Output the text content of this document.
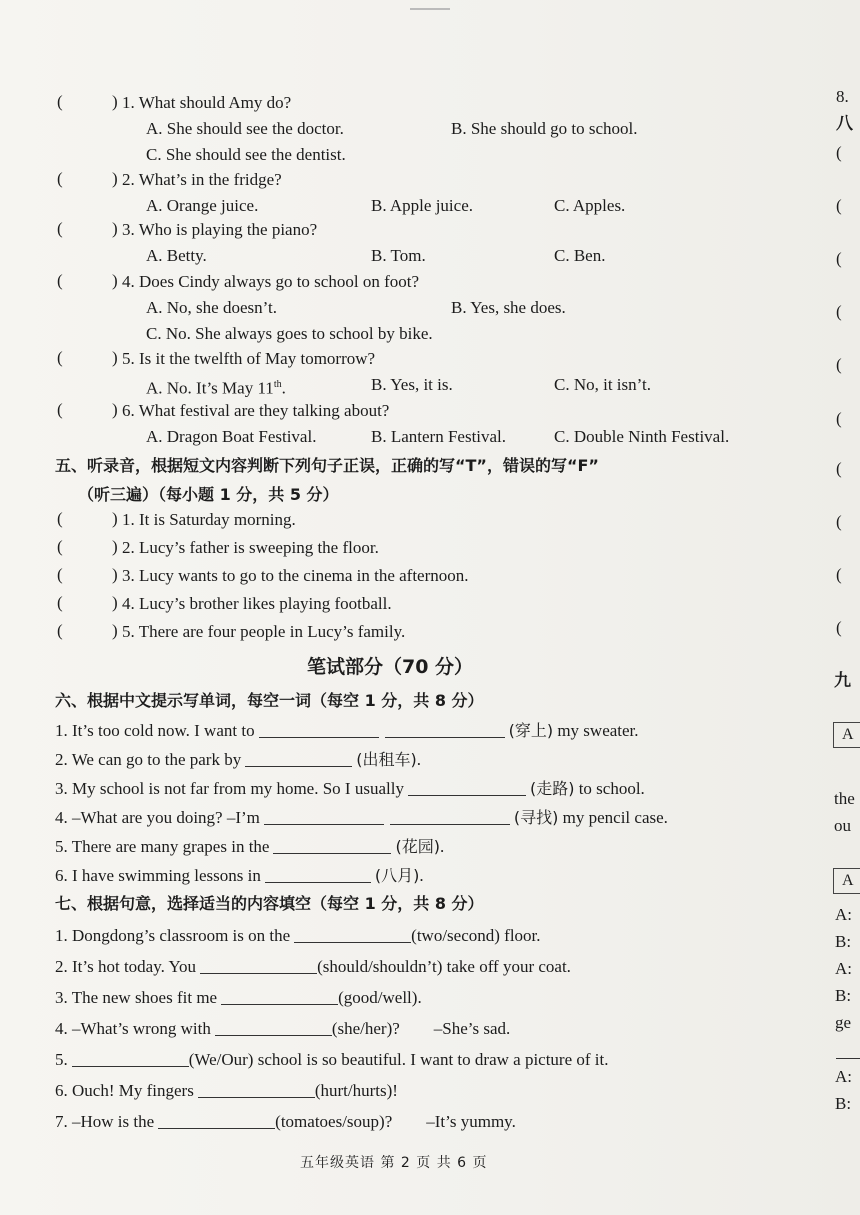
(	) 1. What should Amy do?
A. She should see the doctor.	B. She should go to school.
C. She should see the dentist.
(	) 2. What’s in the fridge?
A. Orange juice.	B. Apple juice.	C. Apples.
(	) 3. Who is playing the piano?
A. Betty.	B. Tom.	C. Ben.
(	) 4. Does Cindy always go to school on foot?
A. No, she doesn’t.	B. Yes, she does.
C. No. She always goes to school by bike.
(	) 5. Is it the twelfth of May tomorrow?
A. No. It’s May 11th.	B. Yes, it is.	C. No, it isn’t.
(	) 6. What festival are they talking about?
A. Dragon Boat Festival.	B. Lantern Festival.	C. Double Ninth Festival.
五、听录音，根据短文内容判断下列句子正误，正确的写“T”，错误的写“F”
（听三遍）（每小题 1 分，共 5 分）
(	) 1. It is Saturday morning.
(	) 2. Lucy’s father is sweeping the floor.
(	) 3. Lucy wants to go to the cinema in the afternoon.
(	) 4. Lucy’s brother likes playing football.
(	) 5. There are four people in Lucy’s family.
笔试部分（70 分）
六、根据中文提示写单词，每空一词（每空 1 分，共 8 分）
1. It’s too cold now. I want to	(穿上) my sweater.
2. We can go to the park by	(出租车).
3. My school is not far from my home. So I usually	(走路) to school.
4. –What are you doing? –I’m	(寻找) my pencil case.
5. There are many grapes in the	(花园).
6. I have swimming lessons in	(八月).
七、根据句意，选择适当的内容填空（每空 1 分，共 8 分）
1. Dongdong’s classroom is on the	(two/second) floor.
2. It’s hot today. You	(should/shouldn’t) take off your coat.
3. The new shoes fit me	(good/well).
4. –What’s wrong with	(she/her)?        –She’s sad.
5.	(We/Our) school is so beautiful. I want to draw a picture of it.
6. Ouch! My fingers	(hurt/hurts)!
7. –How is the	(tomatoes/soup)?        –It’s yummy.
五年级英语 第 2 页 共 6 页
8.
八
(
(
(
(
(
(
(
(
(
(
九
A
the
ou
A
A:
B:
A:
B:
ge
A:
B:
